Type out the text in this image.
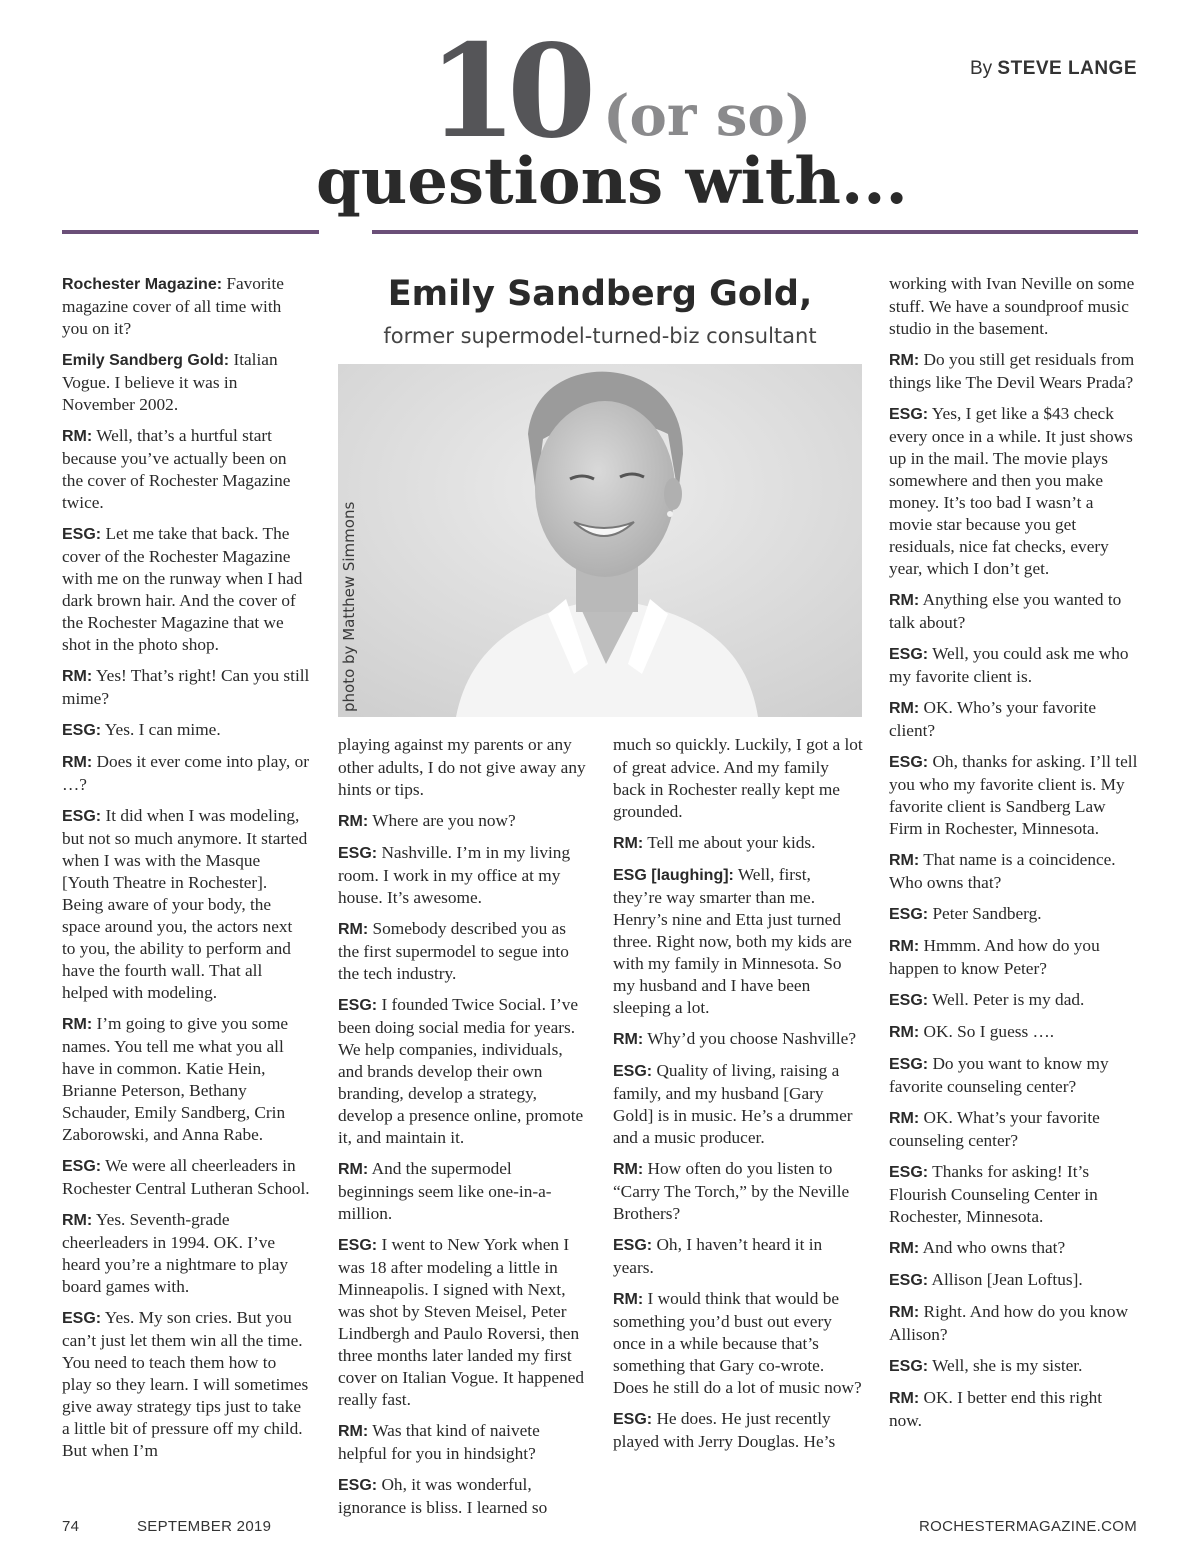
By STEVE LANGE
10 (or so)
questions with...
Emily Sandberg Gold,
former supermodel-turned-biz consultant
photo by Matthew Simmons

Rochester Magazine: Favorite magazine cover of all time with you on it?

Emily Sandberg Gold: Italian Vogue. I believe it was in November 2002.

RM: Well, that’s a hurtful start because you’ve actually been on the cover of Rochester Magazine twice.

ESG: Let me take that back. The cover of the Rochester Magazine with me on the runway when I had dark brown hair. And the cover of the Rochester Magazine that we shot in the photo shop.

RM: Yes! That’s right! Can you still mime?

ESG: Yes. I can mime.

RM: Does it ever come into play, or …?

ESG: It did when I was modeling, but not so much anymore. It started when I was with the Masque [Youth Theatre in Rochester]. Being aware of your body, the space around you, the actors next to you, the ability to perform and have the fourth wall. That all helped with modeling.

RM: I’m going to give you some names. You tell me what you all have in common. Katie Hein, Brianne Peterson, Bethany Schauder, Emily Sandberg, Crin Zaborowski, and Anna Rabe.

ESG: We were all cheerleaders in Rochester Central Lutheran School.

RM: Yes. Seventh-grade cheerleaders in 1994. OK. I’ve heard you’re a nightmare to play board games with.

ESG: Yes. My son cries. But you can’t just let them win all the time. You need to teach them how to play so they learn. I will sometimes give away strategy tips just to take a little bit of pressure off my child. But when I’m

playing against my parents or any other adults, I do not give away any hints or tips.

RM: Where are you now?

ESG: Nashville. I’m in my living room. I work in my office at my house. It’s awesome.

RM: Somebody described you as the first supermodel to segue into the tech industry.

ESG: I founded Twice Social. I’ve been doing social media for years. We help companies, individuals, and brands develop their own branding, develop a strategy, develop a presence online, promote it, and maintain it.

RM: And the supermodel beginnings seem like one-in-a-million.

ESG: I went to New York when I was 18 after modeling a little in Minneapolis. I signed with Next, was shot by Steven Meisel, Peter Lindbergh and Paulo Roversi, then three months later landed my first cover on Italian Vogue. It happened really fast.

RM: Was that kind of naivete helpful for you in hindsight?

ESG: Oh, it was wonderful, ignorance is bliss. I learned so

much so quickly. Luckily, I got a lot of great advice. And my family back in Rochester really kept me grounded.

RM: Tell me about your kids.

ESG [laughing]: Well, first, they’re way smarter than me. Henry’s nine and Etta just turned three. Right now, both my kids are with my family in Minnesota. So my husband and I have been sleeping a lot.

RM: Why’d you choose Nashville?

ESG: Quality of living, raising a family, and my husband [Gary Gold] is in music. He’s a drummer and a music producer.

RM: How often do you listen to “Carry The Torch,” by the Neville Brothers?

ESG: Oh, I haven’t heard it in years.

RM: I would think that would be something you’d bust out every once in a while because that’s something that Gary co-wrote. Does he still do a lot of music now?

ESG: He does. He just recently played with Jerry Douglas. He’s

working with Ivan Neville on some stuff. We have a soundproof music studio in the basement.

RM: Do you still get residuals from things like The Devil Wears Prada?

ESG: Yes, I get like a $43 check every once in a while. It just shows up in the mail. The movie plays somewhere and then you make money. It’s too bad I wasn’t a movie star because you get residuals, nice fat checks, every year, which I don’t get.

RM: Anything else you wanted to talk about?

ESG: Well, you could ask me who my favorite client is.

RM: OK. Who’s your favorite client?

ESG: Oh, thanks for asking. I’ll tell you who my favorite client is. My favorite client is Sandberg Law Firm in Rochester, Minnesota.

RM: That name is a coincidence. Who owns that?

ESG: Peter Sandberg.

RM: Hmmm. And how do you happen to know Peter?

ESG: Well. Peter is my dad.

RM: OK. So I guess ….

ESG: Do you want to know my favorite counseling center?

RM: OK. What’s your favorite counseling center?

ESG: Thanks for asking! It’s Flourish Counseling Center in Rochester, Minnesota.

RM: And who owns that?

ESG: Allison [Jean Loftus].

RM: Right. And how do you know Allison?

ESG: Well, she is my sister.

RM: OK. I better end this right now.

74	SEPTEMBER 2019	ROCHESTERMAGAZINE.COM
